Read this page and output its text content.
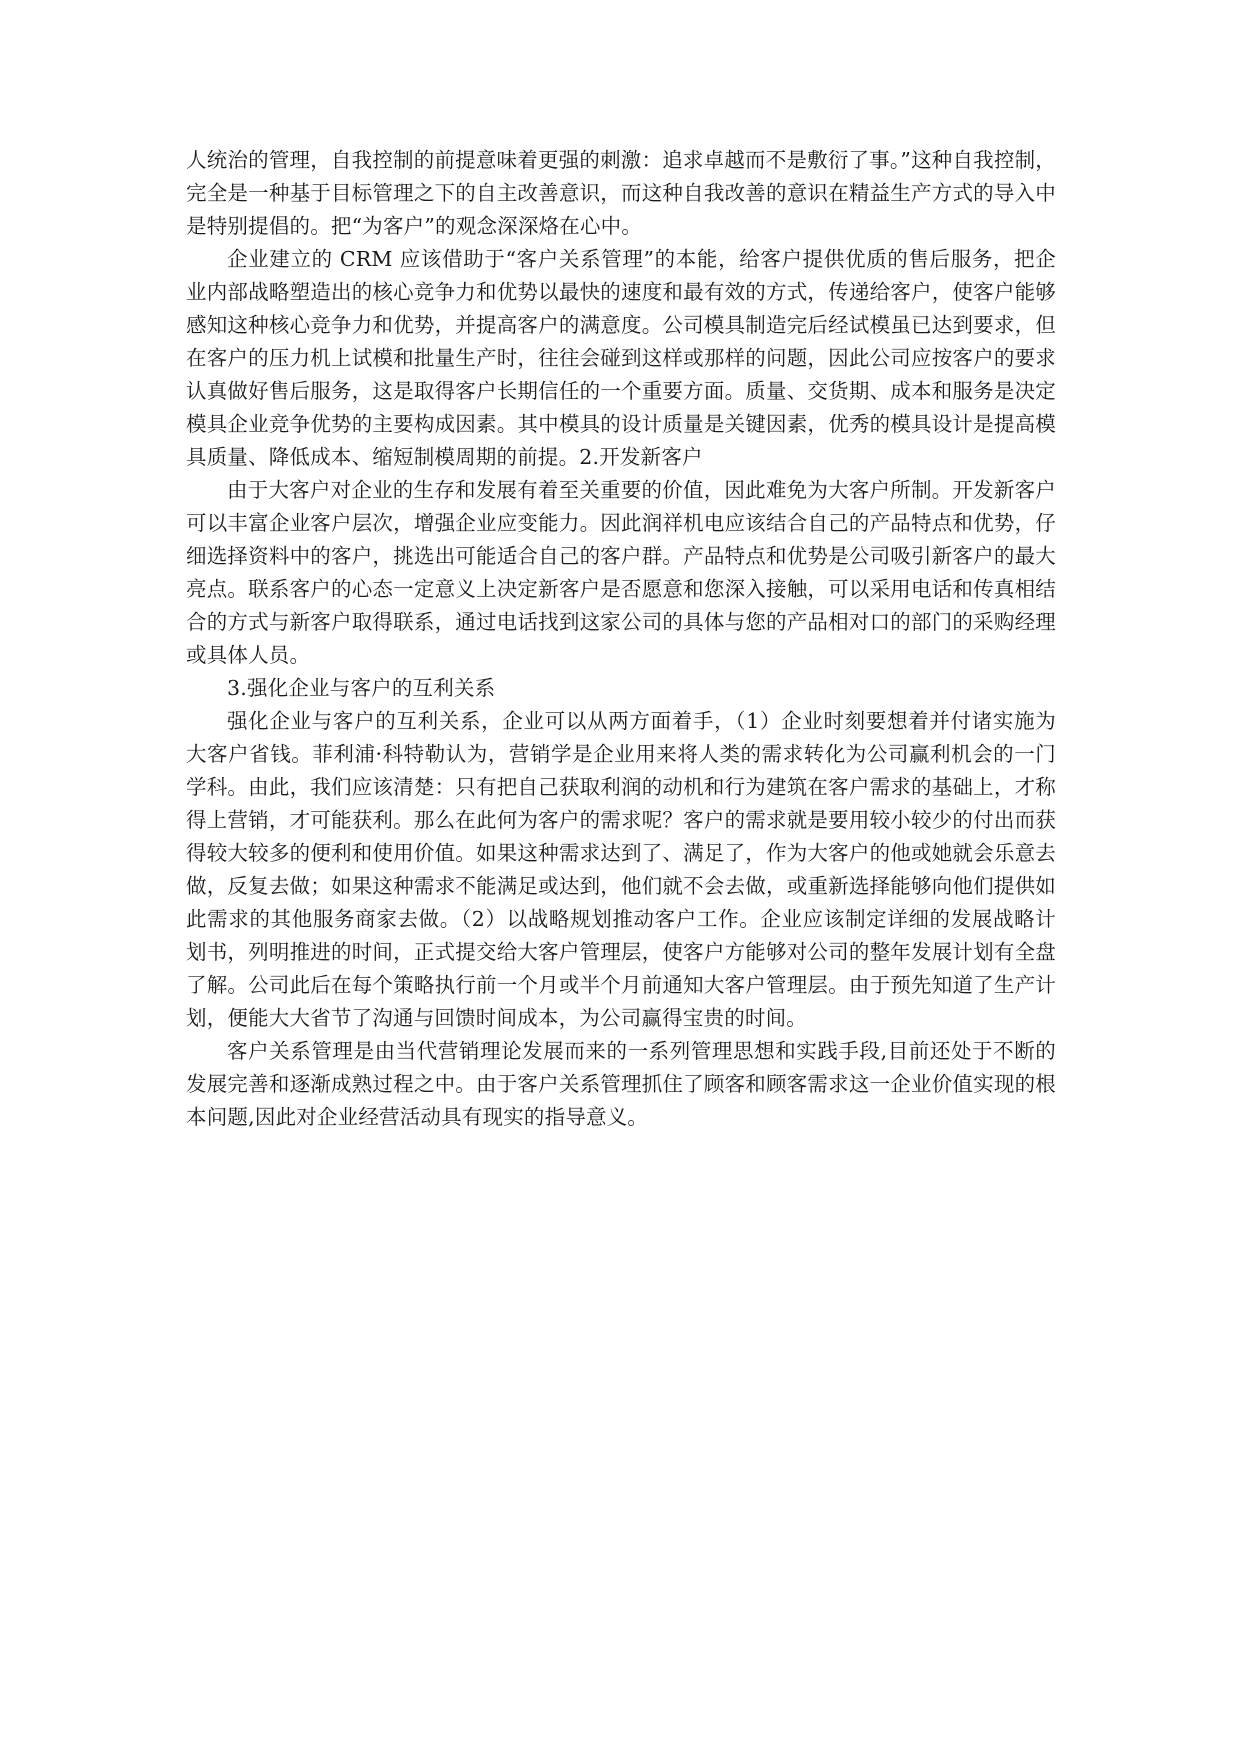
人统治的管理，自我控制的前提意味着更强的刺激：追求卓越而不是敷衍了事。”这种自我控制，完全是一种基于目标管理之下的自主改善意识，而这种自我改善的意识在精益生产方式的导入中是特别提倡的。把“为客户”的观念深深烙在心中。

企业建立的 CRM 应该借助于“客户关系管理”的本能，给客户提供优质的售后服务，把企业内部战略塑造出的核心竞争力和优势以最快的速度和最有效的方式，传递给客户，使客户能够感知这种核心竞争力和优势，并提高客户的满意度。公司模具制造完后经试模虽已达到要求，但在客户的压力机上试模和批量生产时，往往会碰到这样或那样的问题，因此公司应按客户的要求认真做好售后服务，这是取得客户长期信任的一个重要方面。质量、交货期、成本和服务是决定模具企业竞争优势的主要构成因素。其中模具的设计质量是关键因素，优秀的模具设计是提高模具质量、降低成本、缩短制模周期的前提。2.开发新客户

由于大客户对企业的生存和发展有着至关重要的价值，因此难免为大客户所制。开发新客户可以丰富企业客户层次，增强企业应变能力。因此润祥机电应该结合自己的产品特点和优势，仔细选择资料中的客户，挑选出可能适合自己的客户群。产品特点和优势是公司吸引新客户的最大亮点。联系客户的心态一定意义上决定新客户是否愿意和您深入接触，可以采用电话和传真相结合的方式与新客户取得联系，通过电话找到这家公司的具体与您的产品相对口的部门的采购经理或具体人员。

3.强化企业与客户的互利关系

强化企业与客户的互利关系，企业可以从两方面着手，（1）企业时刻要想着并付诸实施为大客户省钱。菲利浦·科特勒认为，营销学是企业用来将人类的需求转化为公司赢利机会的一门学科。由此，我们应该清楚：只有把自己获取利润的动机和行为建筑在客户需求的基础上，才称得上营销，才可能获利。那么在此何为客户的需求呢？客户的需求就是要用较小较少的付出而获得较大较多的便利和使用价值。如果这种需求达到了、满足了，作为大客户的他或她就会乐意去做，反复去做；如果这种需求不能满足或达到，他们就不会去做，或重新选择能够向他们提供如此需求的其他服务商家去做。（2）以战略规划推动客户工作。企业应该制定详细的发展战略计划书，列明推进的时间，正式提交给大客户管理层，使客户方能够对公司的整年发展计划有全盘了解。公司此后在每个策略执行前一个月或半个月前通知大客户管理层。由于预先知道了生产计划，便能大大省节了沟通与回馈时间成本，为公司赢得宝贵的时间。

客户关系管理是由当代营销理论发展而来的一系列管理思想和实践手段,目前还处于不断的发展完善和逐渐成熟过程之中。由于客户关系管理抓住了顾客和顾客需求这一企业价值实现的根本问题,因此对企业经营活动具有现实的指导意义。
